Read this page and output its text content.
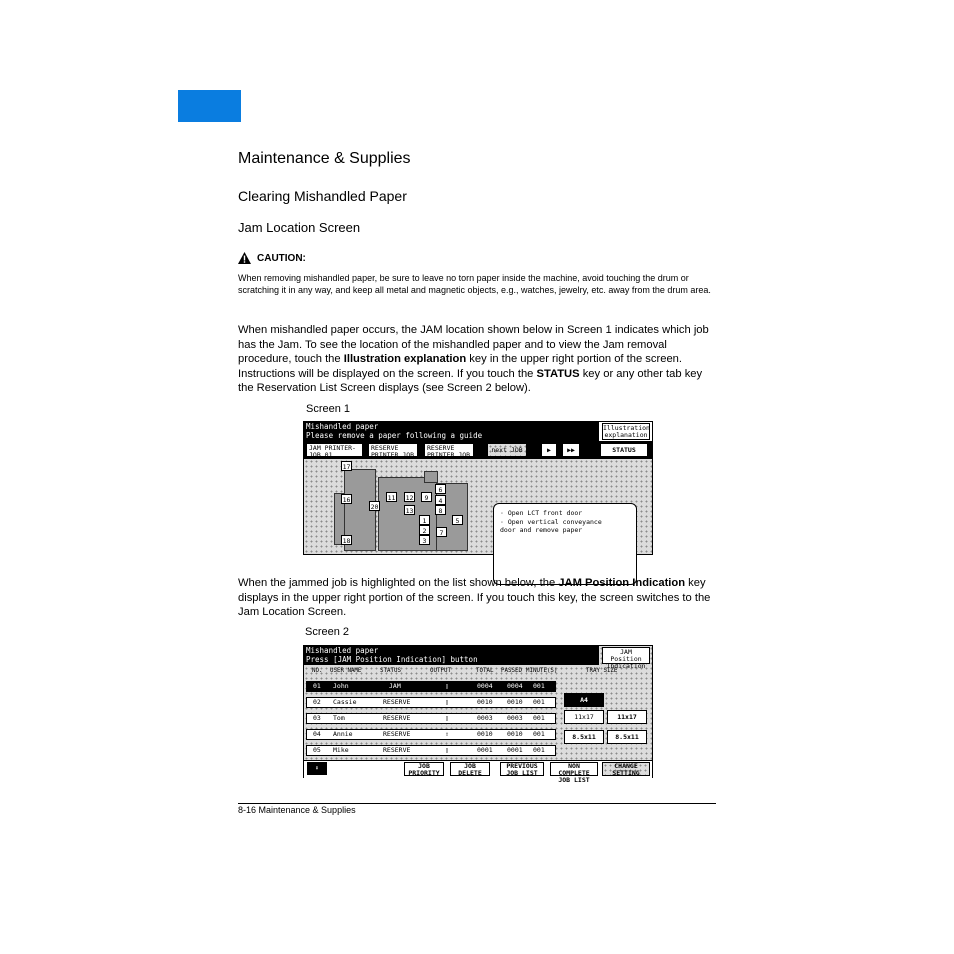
Maintenance & Supplies
Clearing Mishandled Paper
Jam Location Screen
CAUTION:
When removing mishandled paper, be sure to leave no torn paper inside the machine, avoid touching the drum or scratching it in any way, and keep all metal and magnetic objects, e.g., watches, jewelry, etc. away from the drum area.
When mishandled paper occurs, the JAM location shown below in Screen 1 indicates which job has the Jam. To see the location of the mishandled paper and to view the Jam removal procedure, touch the Illustration explanation key in the upper right portion of the screen. Instructions will be displayed on the screen. If you touch the STATUS key or any other tab key the Reservation List Screen displays (see Screen 2 below).
Screen 1
Mishandled paper
Please remove a paper following a guide
Illustration explanation
JAM PRINTER-JOB 01
RESERVE PRINTER JOB
RESERVE PRINTER JOB
next JOB	▶	▶▶	STATUS
17
16
20
11 12
13
9
6
8
1
2
3
7
5
18
4
· Open LCT front door
· Open vertical conveyance
door and remove paper
When the jammed job is highlighted on the list shown below, the JAM Position Indication key displays in the upper right portion of the screen. If you touch this key, the screen switches to the Jam Location Screen.
Screen 2
Mishandled paper
Press [JAM Position Indication] button
JAM Position Indication
NO. USER NAME	STATUS	OUTPUT	TOTAL PASSED MINUTE(S)	TRAY SIZE
01 John	JAM	▯	0004 0004 001
02 Cassie	RESERVE	▯	0010 0010 001
03 Tom	RESERVE	▯	0003 0003 001
04 Annie	RESERVE	⇧	0010 0010 001
05 Mike	RESERVE	▯	0001 0001 001
A4
11x17	11x17
8.5x11	8.5x11
⬇	JOB PRIORITY
JOB DELETE
PREVIOUS JOB LIST
NON COMPLETE JOB LIST
CHANGE SETTING
8-16 Maintenance & Supplies
